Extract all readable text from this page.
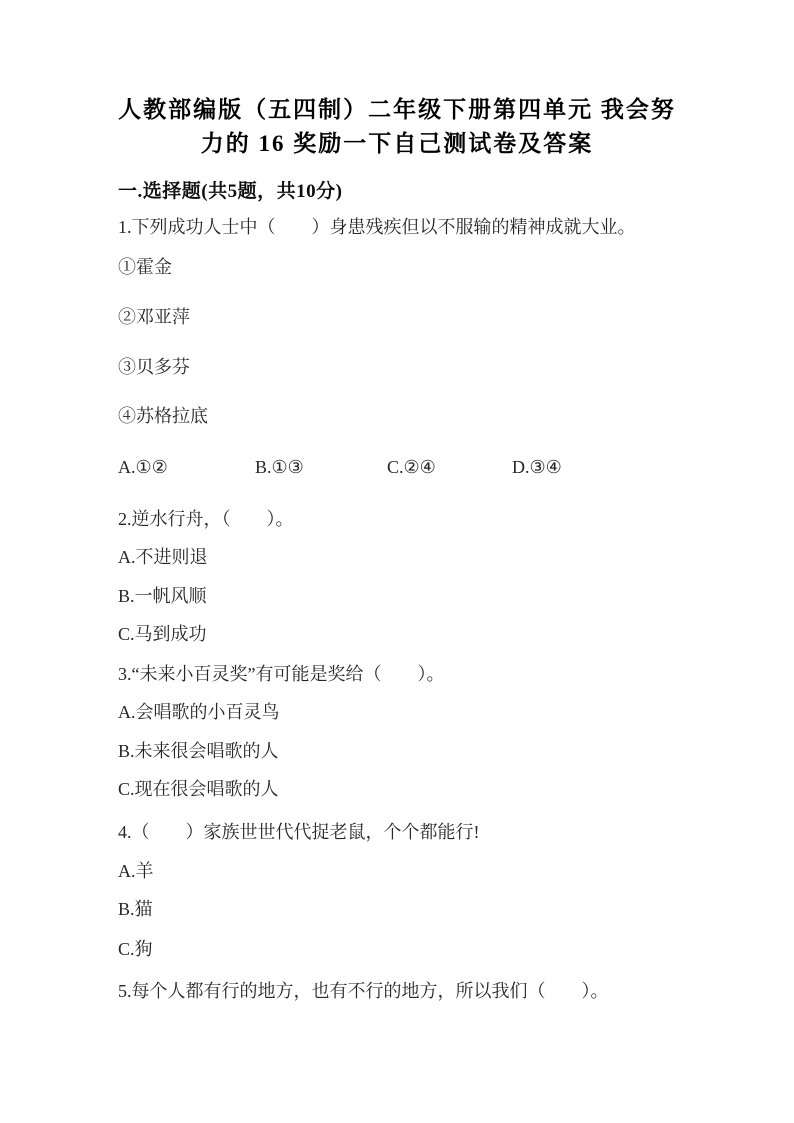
人教部编版（五四制）二年级下册第四单元 我会努
力的 16 奖励一下自己测试卷及答案
一.选择题(共5题，共10分)
1.下列成功人士中（　　）身患残疾但以不服输的精神成就大业。
①霍金
②邓亚萍
③贝多芬
④苏格拉底
A.①②	B.①③	C.②④	D.③④
2.逆水行舟，（　　）。
A.不进则退
B.一帆风顺
C.马到成功
3.“未来小百灵奖”有可能是奖给（　　）。
A.会唱歌的小百灵鸟
B.未来很会唱歌的人
C.现在很会唱歌的人
4.（　　）家族世世代代捉老鼠，个个都能行!
A.羊
B.猫
C.狗
5.每个人都有行的地方，也有不行的地方，所以我们（　　）。
